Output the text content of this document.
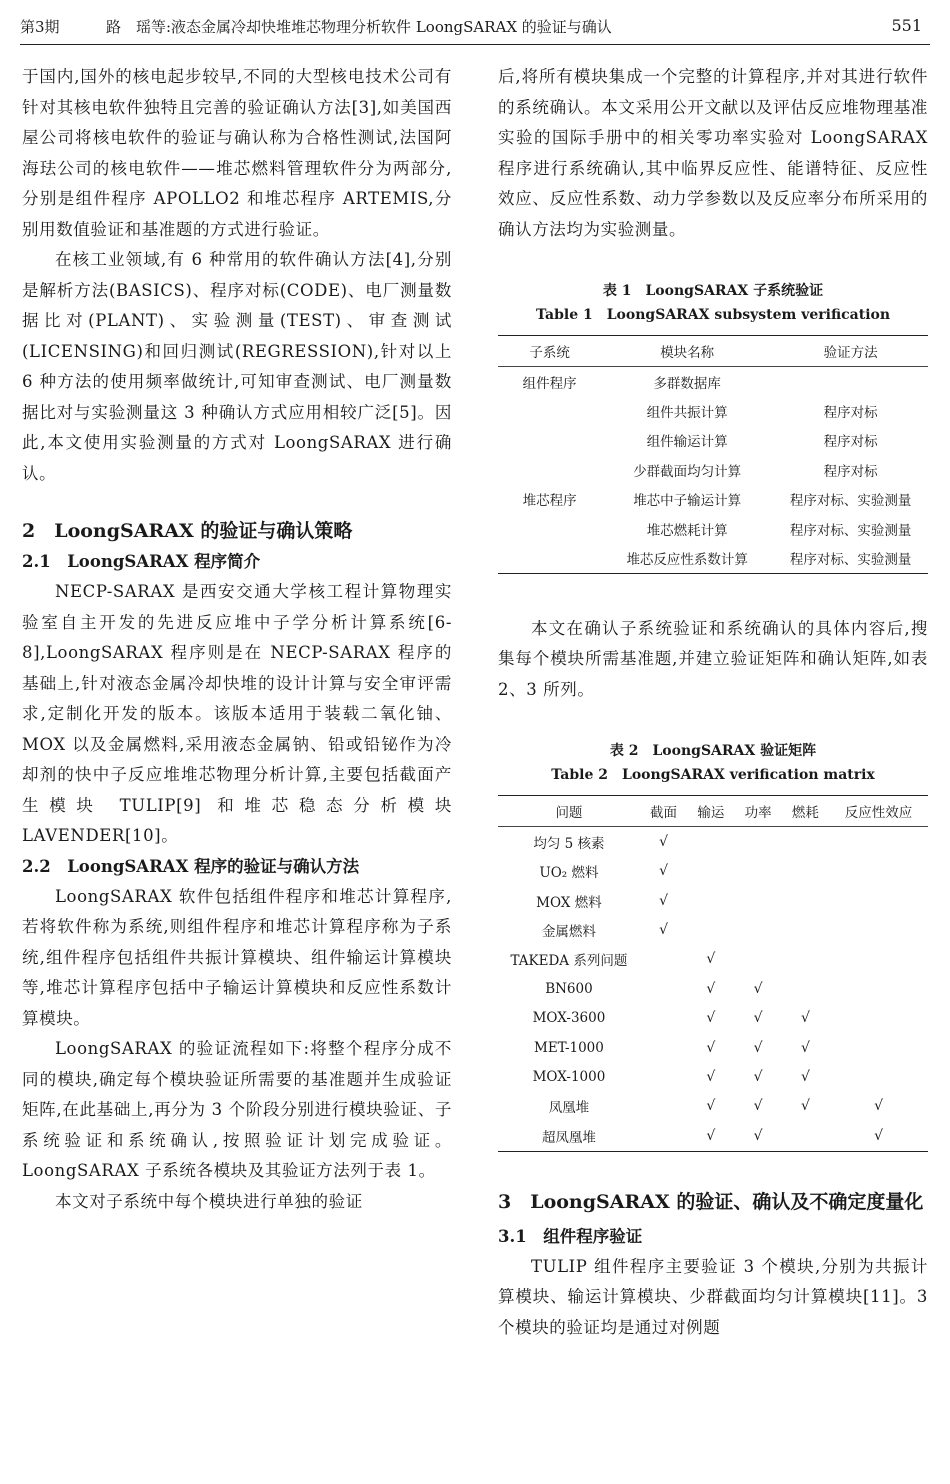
第3期	路　瑶等:液态金属冷却快堆堆芯物理分析软件 LoongSARAX 的验证与确认	551

于国内,国外的核电起步较早,不同的大型核电技术公司有针对其核电软件独特且完善的验证确认方法[3],如美国西屋公司将核电软件的验证与确认称为合格性测试,法国阿海珐公司的核电软件——堆芯燃料管理软件分为两部分,分别是组件程序 APOLLO2 和堆芯程序 ARTEMIS,分别用数值验证和基准题的方式进行验证。

在核工业领域,有 6 种常用的软件确认方法[4],分别是解析方法(BASICS)、程序对标(CODE)、电厂测量数据比对(PLANT)、实验测量(TEST)、审查测试(LICENSING)和回归测试(REGRESSION),针对以上 6 种方法的使用频率做统计,可知审查测试、电厂测量数据比对与实验测量这 3 种确认方式应用相较广泛[5]。因此,本文使用实验测量的方式对 LoongSARAX 进行确认。

2　LoongSARAX 的验证与确认策略
2.1　LoongSARAX 程序简介

NECP-SARAX 是西安交通大学核工程计算物理实验室自主开发的先进反应堆中子学分析计算系统[6-8],LoongSARAX 程序则是在 NECP-SARAX 程序的基础上,针对液态金属冷却快堆的设计计算与安全审评需求,定制化开发的版本。该版本适用于装载二氧化铀、MOX 以及金属燃料,采用液态金属钠、铅或铅铋作为冷却剂的快中子反应堆堆芯物理分析计算,主要包括截面产生模块 TULIP[9] 和堆芯稳态分析模块 LAVENDER[10]。

2.2　LoongSARAX 程序的验证与确认方法

LoongSARAX 软件包括组件程序和堆芯计算程序,若将软件称为系统,则组件程序和堆芯计算程序称为子系统,组件程序包括组件共振计算模块、组件输运计算模块等,堆芯计算程序包括中子输运计算模块和反应性系数计算模块。

LoongSARAX 的验证流程如下:将整个程序分成不同的模块,确定每个模块验证所需要的基准题并生成验证矩阵,在此基础上,再分为 3 个阶段分别进行模块验证、子系统验证和系统确认,按照验证计划完成验证。LoongSARAX 子系统各模块及其验证方法列于表 1。

本文对子系统中每个模块进行单独的验证

后,将所有模块集成一个完整的计算程序,并对其进行软件的系统确认。本文采用公开文献以及评估反应堆物理基准实验的国际手册中的相关零功率实验对 LoongSARAX 程序进行系统确认,其中临界反应性、能谱特征、反应性效应、反应性系数、动力学参数以及反应率分布所采用的确认方法均为实验测量。

表 1　LoongSARAX 子系统验证
Table 1　LoongSARAX subsystem verification
子系统	模块名称	验证方法
组件程序	多群数据库	
	组件共振计算	程序对标
	组件输运计算	程序对标
	少群截面均匀计算	程序对标
堆芯程序	堆芯中子输运计算	程序对标、实验测量
	堆芯燃耗计算	程序对标、实验测量
	堆芯反应性系数计算	程序对标、实验测量

本文在确认子系统验证和系统确认的具体内容后,搜集每个模块所需基准题,并建立验证矩阵和确认矩阵,如表 2、3 所列。

表 2　LoongSARAX 验证矩阵
Table 2　LoongSARAX verification matrix
问题	截面	输运	功率	燃耗	反应性效应
均匀 5 核素	√				
UO₂ 燃料	√				
MOX 燃料	√				
金属燃料	√				
TAKEDA 系列问题		√			
BN600		√	√		
MOX-3600		√	√	√	
MET-1000		√	√	√	
MOX-1000		√	√	√	
凤凰堆		√	√	√	√
超凤凰堆		√	√		√
3　LoongSARAX 的验证、确认及不确定度量化
3.1　组件程序验证

TULIP 组件程序主要验证 3 个模块,分别为共振计算模块、输运计算模块、少群截面均匀计算模块[11]。3 个模块的验证均是通过对例题
